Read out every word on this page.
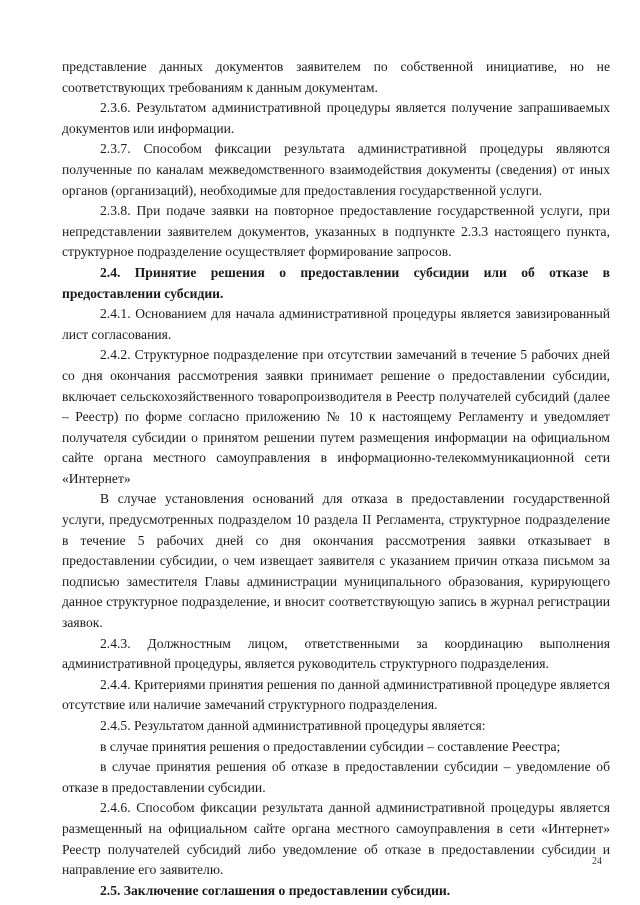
представление данных документов заявителем по собственной инициативе, но не соответствующих требованиям к данным документам.

2.3.6. Результатом административной процедуры является получение запрашиваемых документов или информации.

2.3.7. Способом фиксации результата административной процедуры являются полученные по каналам межведомственного взаимодействия документы (сведения) от иных органов (организаций), необходимые для предоставления государственной услуги.

2.3.8. При подаче заявки на повторное предоставление государственной услуги, при непредставлении заявителем документов, указанных в подпункте 2.3.3 настоящего пункта, структурное подразделение осуществляет формирование запросов.

2.4. Принятие решения о предоставлении субсидии или об отказе в предоставлении субсидии.

2.4.1. Основанием для начала административной процедуры является завизированный лист согласования.

2.4.2. Структурное подразделение при отсутствии замечаний в течение 5 рабочих дней со дня окончания рассмотрения заявки принимает решение о предоставлении субсидии, включает сельскохозяйственного товаропроизводителя в Реестр получателей субсидий (далее – Реестр) по форме согласно приложению № 10 к настоящему Регламенту и уведомляет получателя субсидии о принятом решении путем размещения информации на официальном сайте органа местного самоуправления в информационно-телекоммуникационной сети «Интернет»

В случае установления оснований для отказа в предоставлении государственной услуги, предусмотренных подразделом 10 раздела II Регламента, структурное подразделение в течение 5 рабочих дней со дня окончания рассмотрения заявки отказывает в предоставлении субсидии, о чем извещает заявителя с указанием причин отказа письмом за подписью заместителя Главы администрации муниципального образования, курирующего данное структурное подразделение, и вносит соответствующую запись в журнал регистрации заявок.

2.4.3. Должностным лицом, ответственными за координацию выполнения административной процедуры, является руководитель структурного подразделения.

2.4.4. Критериями принятия решения по данной административной процедуре является отсутствие или наличие замечаний структурного подразделения.

2.4.5. Результатом данной административной процедуры является:

в случае принятия решения о предоставлении субсидии – составление Реестра;

в случае принятия решения об отказе в предоставлении субсидии – уведомление об отказе в предоставлении субсидии.

2.4.6. Способом фиксации результата данной административной процедуры является размещенный на официальном сайте органа местного самоуправления в сети «Интернет» Реестр получателей субсидий либо уведомление об отказе в предоставлении субсидии и направление его заявителю.

2.5. Заключение соглашения о предоставлении субсидии.

24
